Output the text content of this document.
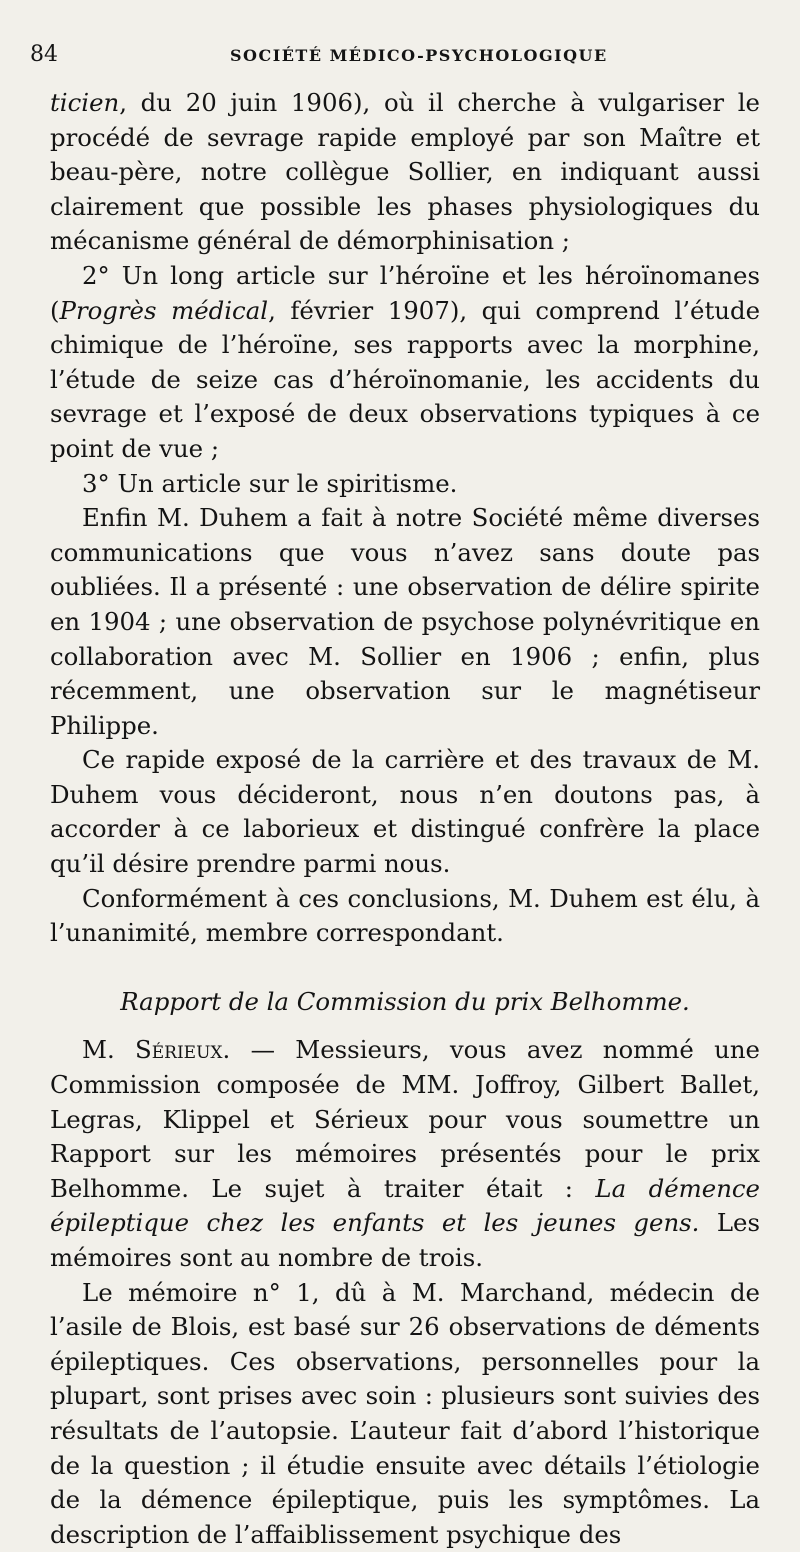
84	SOCIÉTÉ MÉDICO-PSYCHOLOGIQUE

ticien, du 20 juin 1906), où il cherche à vulgariser le procédé de sevrage rapide employé par son Maître et beau-père, notre collègue Sollier, en indiquant aussi clairement que possible les phases physiologiques du mécanisme général de démorphinisation ;

2° Un long article sur l’héroïne et les héroïnomanes (Progrès médical, février 1907), qui comprend l’étude chimique de l’héroïne, ses rapports avec la morphine, l’étude de seize cas d’héroïnomanie, les accidents du sevrage et l’exposé de deux observations typiques à ce point de vue ;

3° Un article sur le spiritisme.

Enfin M. Duhem a fait à notre Société même diverses communications que vous n’avez sans doute pas oubliées. Il a présenté : une observation de délire spirite en 1904 ; une observation de psychose polynévritique en collaboration avec M. Sollier en 1906 ; enfin, plus récemment, une observation sur le magnétiseur Philippe.

Ce rapide exposé de la carrière et des travaux de M. Duhem vous décideront, nous n’en doutons pas, à accorder à ce laborieux et distingué confrère la place qu’il désire prendre parmi nous.

Conformément à ces conclusions, M. Duhem est élu, à l’unanimité, membre correspondant.

Rapport de la Commission du prix Belhomme.

M. Sérieux. — Messieurs, vous avez nommé une Commission composée de MM. Joffroy, Gilbert Ballet, Legras, Klippel et Sérieux pour vous soumettre un Rapport sur les mémoires présentés pour le prix Belhomme. Le sujet à traiter était : La démence épileptique chez les enfants et les jeunes gens. Les mémoires sont au nombre de trois.

Le mémoire n° 1, dû à M. Marchand, médecin de l’asile de Blois, est basé sur 26 observations de déments épileptiques. Ces observations, personnelles pour la plupart, sont prises avec soin : plusieurs sont suivies des résultats de l’autopsie. L’auteur fait d’abord l’historique de la question ; il étudie ensuite avec détails l’étiologie de la démence épileptique, puis les symptômes. La description de l’affaiblissement psychique des
